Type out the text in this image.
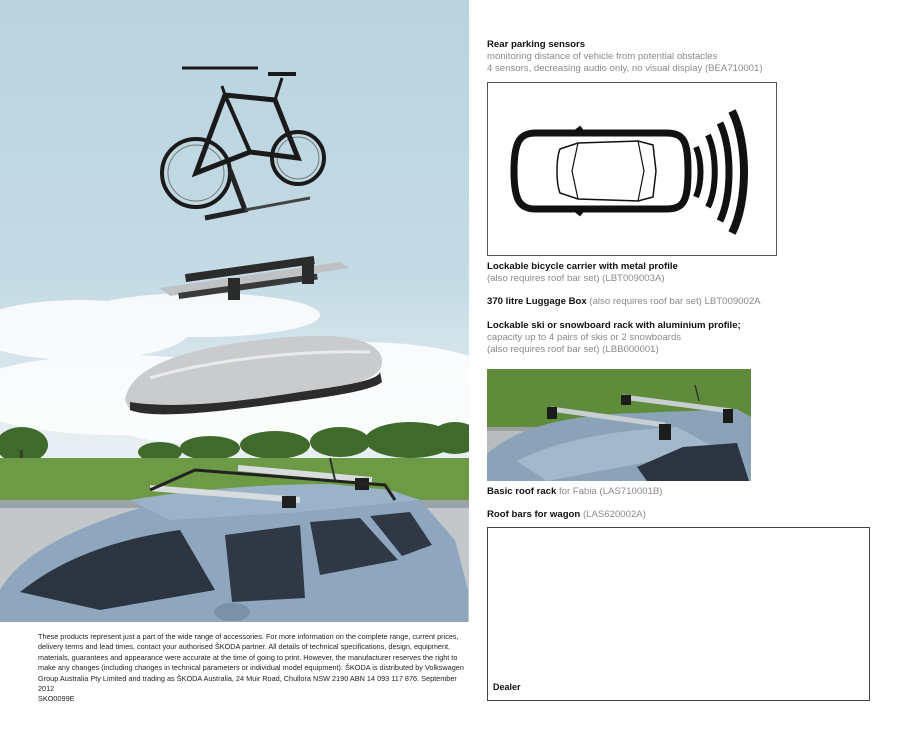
These products represent just a part of the wide range of accessories. For more information on the complete range, current prices,
delivery terms and lead times, contact your authorised ŠKODA partner. All details of technical specifications, design, equipment,
materials, guarantees and appearance were accurate at the time of going to print. However, the manufacturer reserves the right to
make any changes (including changes in technical parameters or individual model equipment). ŠKODA is distributed by Volkswagen
Group Australia Pty Limited and trading as ŠKODA Australia, 24 Muir Road, Chullora NSW 2190 ABN 14 093 117 876. September 2012
SKO0099E
Rear parking sensors
monitoring distance of vehicle from potential obstacles
4 sensors, decreasing audio only, no visual display (BEA710001)
Lockable bicycle carrier with metal profile
(also requires roof bar set) (LBT009003A)
370 litre Luggage Box (also requires roof bar set) LBT009002A
Lockable ski or snowboard rack with aluminium profile;
capacity up to 4 pairs of skis or 2 snowboards
(also requires roof bar set) (LBB000001)
Basic roof rack for Fabia (LAS710001B)
Roof bars for wagon (LAS620002A)
Dealer
